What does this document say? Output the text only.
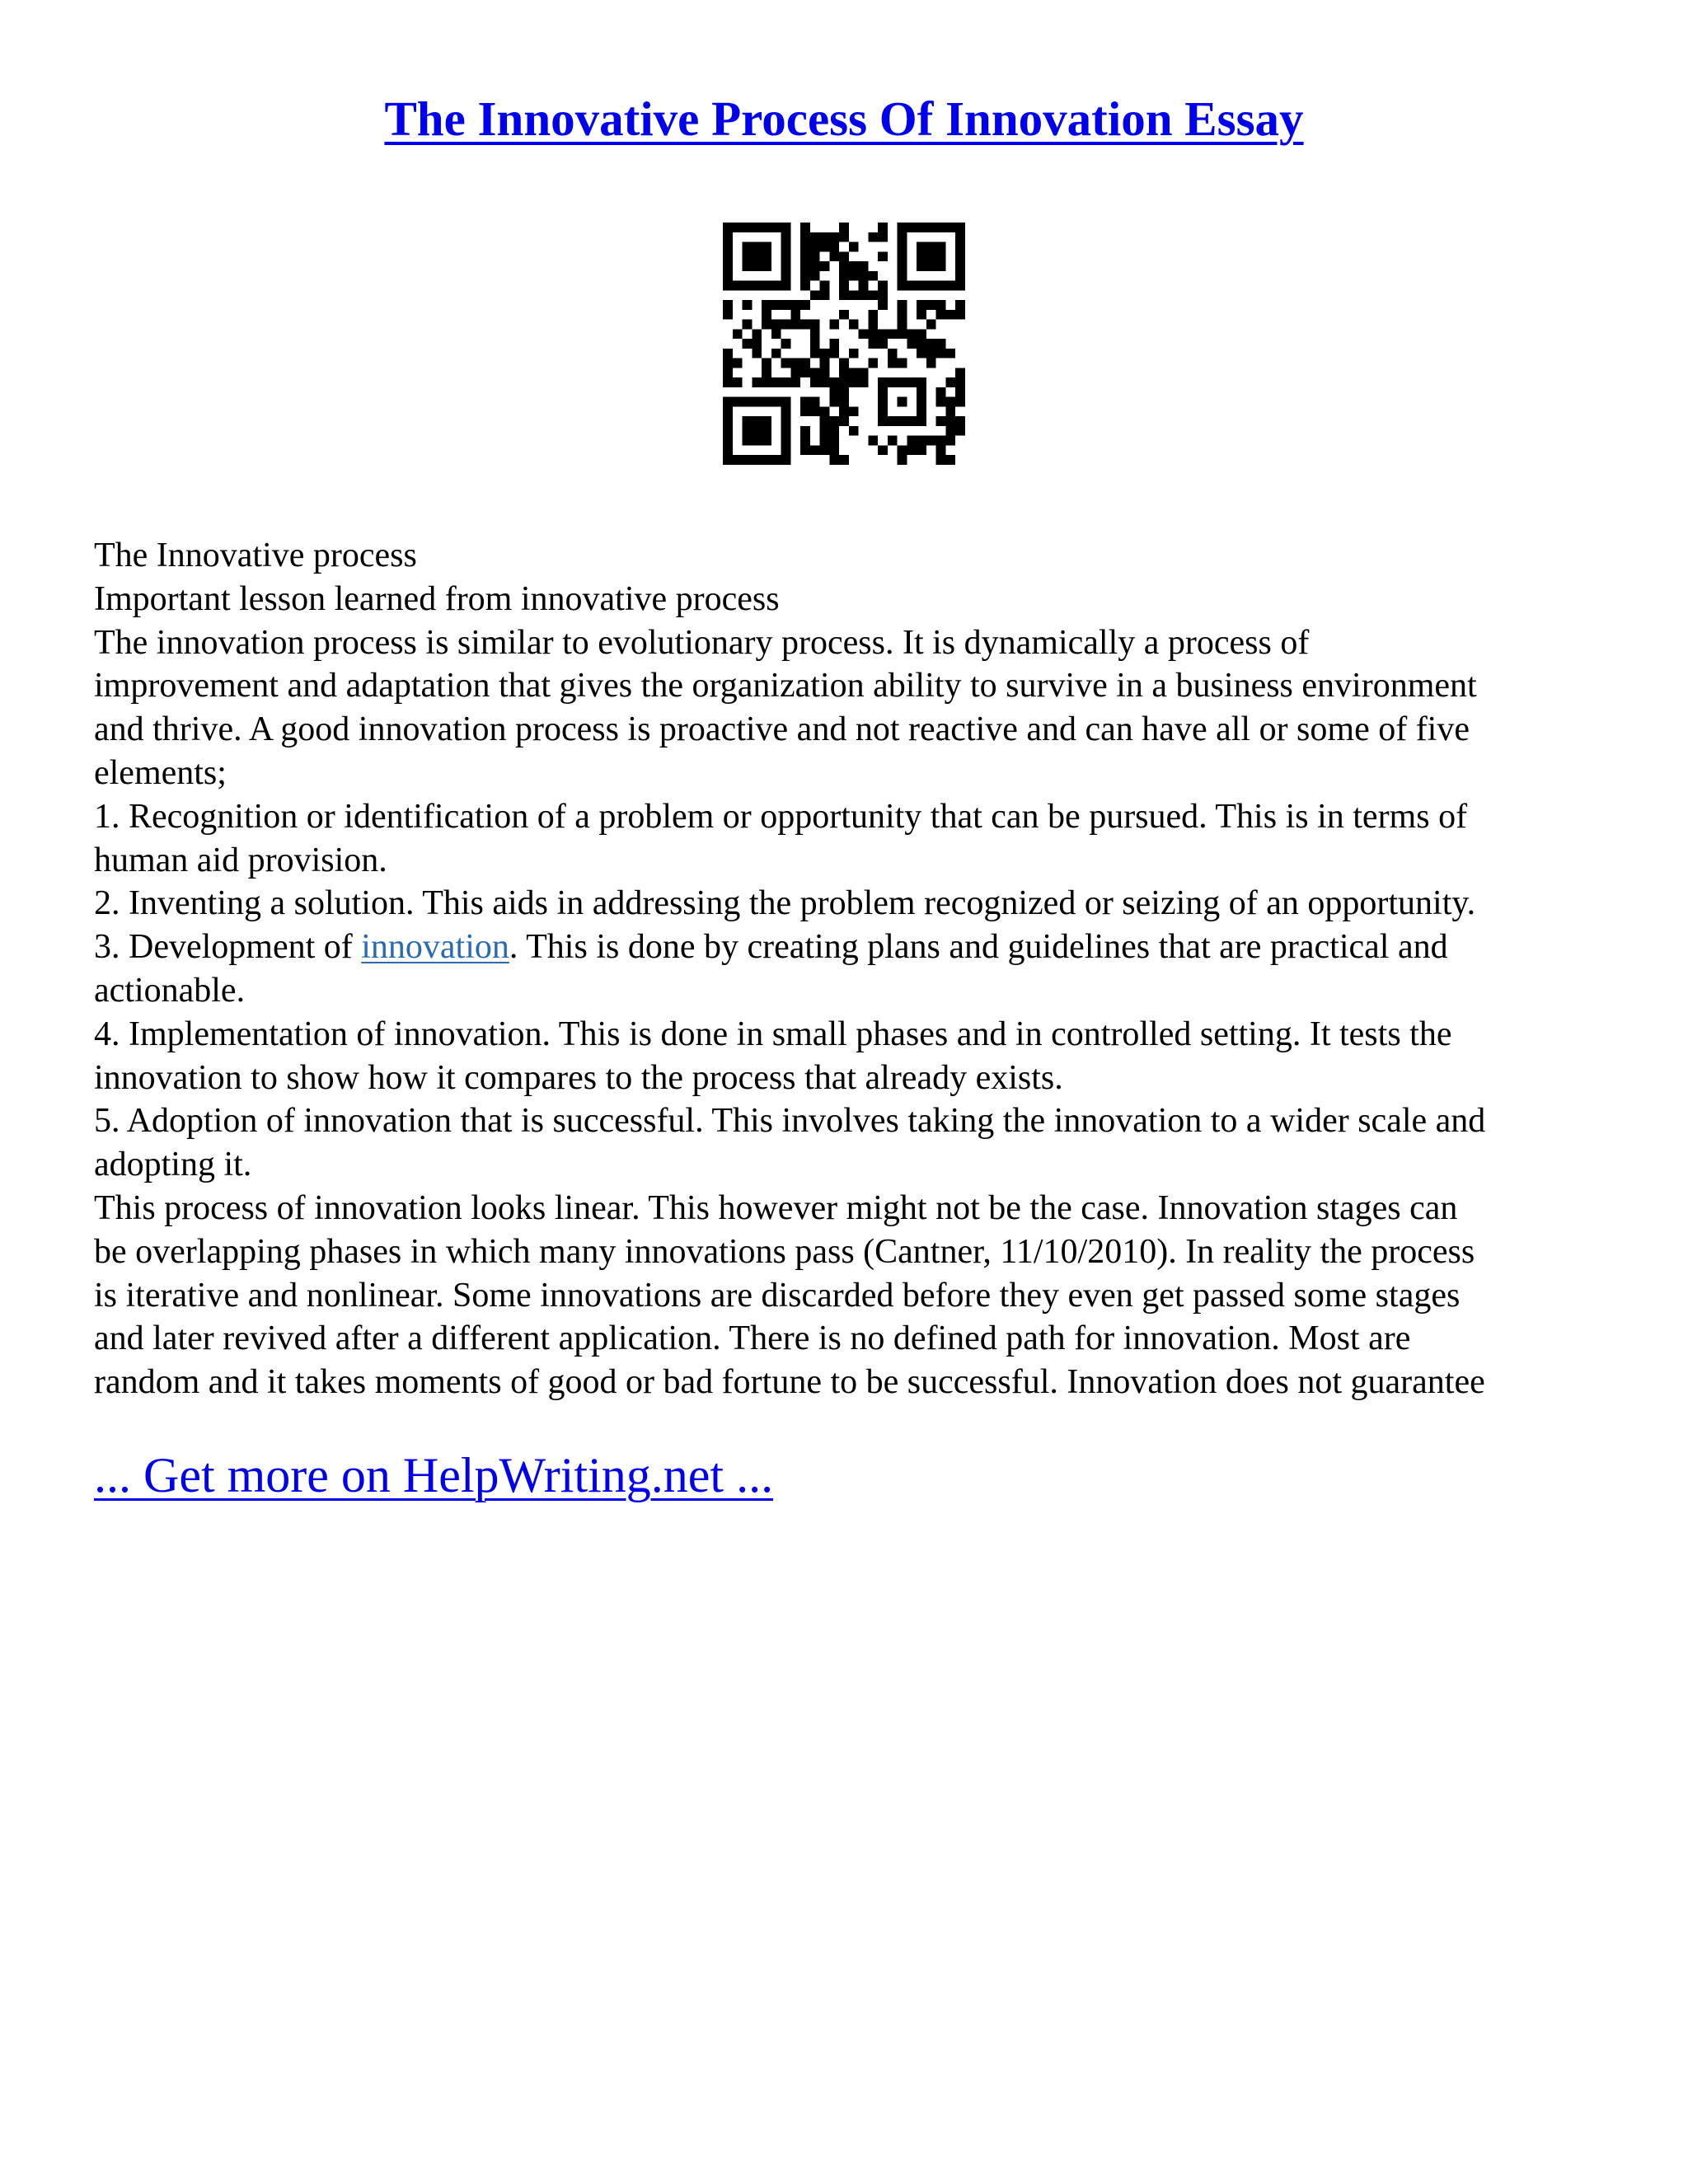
The Innovative Process Of Innovation Essay
The Innovative process
Important lesson learned from innovative process
The innovation process is similar to evolutionary process. It is dynamically a process of
improvement and adaptation that gives the organization ability to survive in a business environment
and thrive. A good innovation process is proactive and not reactive and can have all or some of five
elements;
1. Recognition or identification of a problem or opportunity that can be pursued. This is in terms of
human aid provision.
2. Inventing a solution. This aids in addressing the problem recognized or seizing of an opportunity.
3. Development of innovation. This is done by creating plans and guidelines that are practical and
actionable.
4. Implementation of innovation. This is done in small phases and in controlled setting. It tests the
innovation to show how it compares to the process that already exists.
5. Adoption of innovation that is successful. This involves taking the innovation to a wider scale and
adopting it.
This process of innovation looks linear. This however might not be the case. Innovation stages can
be overlapping phases in which many innovations pass (Cantner, 11/10/2010). In reality the process
is iterative and nonlinear. Some innovations are discarded before they even get passed some stages
and later revived after a different application. There is no defined path for innovation. Most are
random and it takes moments of good or bad fortune to be successful. Innovation does not guarantee
... Get more on HelpWriting.net ...
